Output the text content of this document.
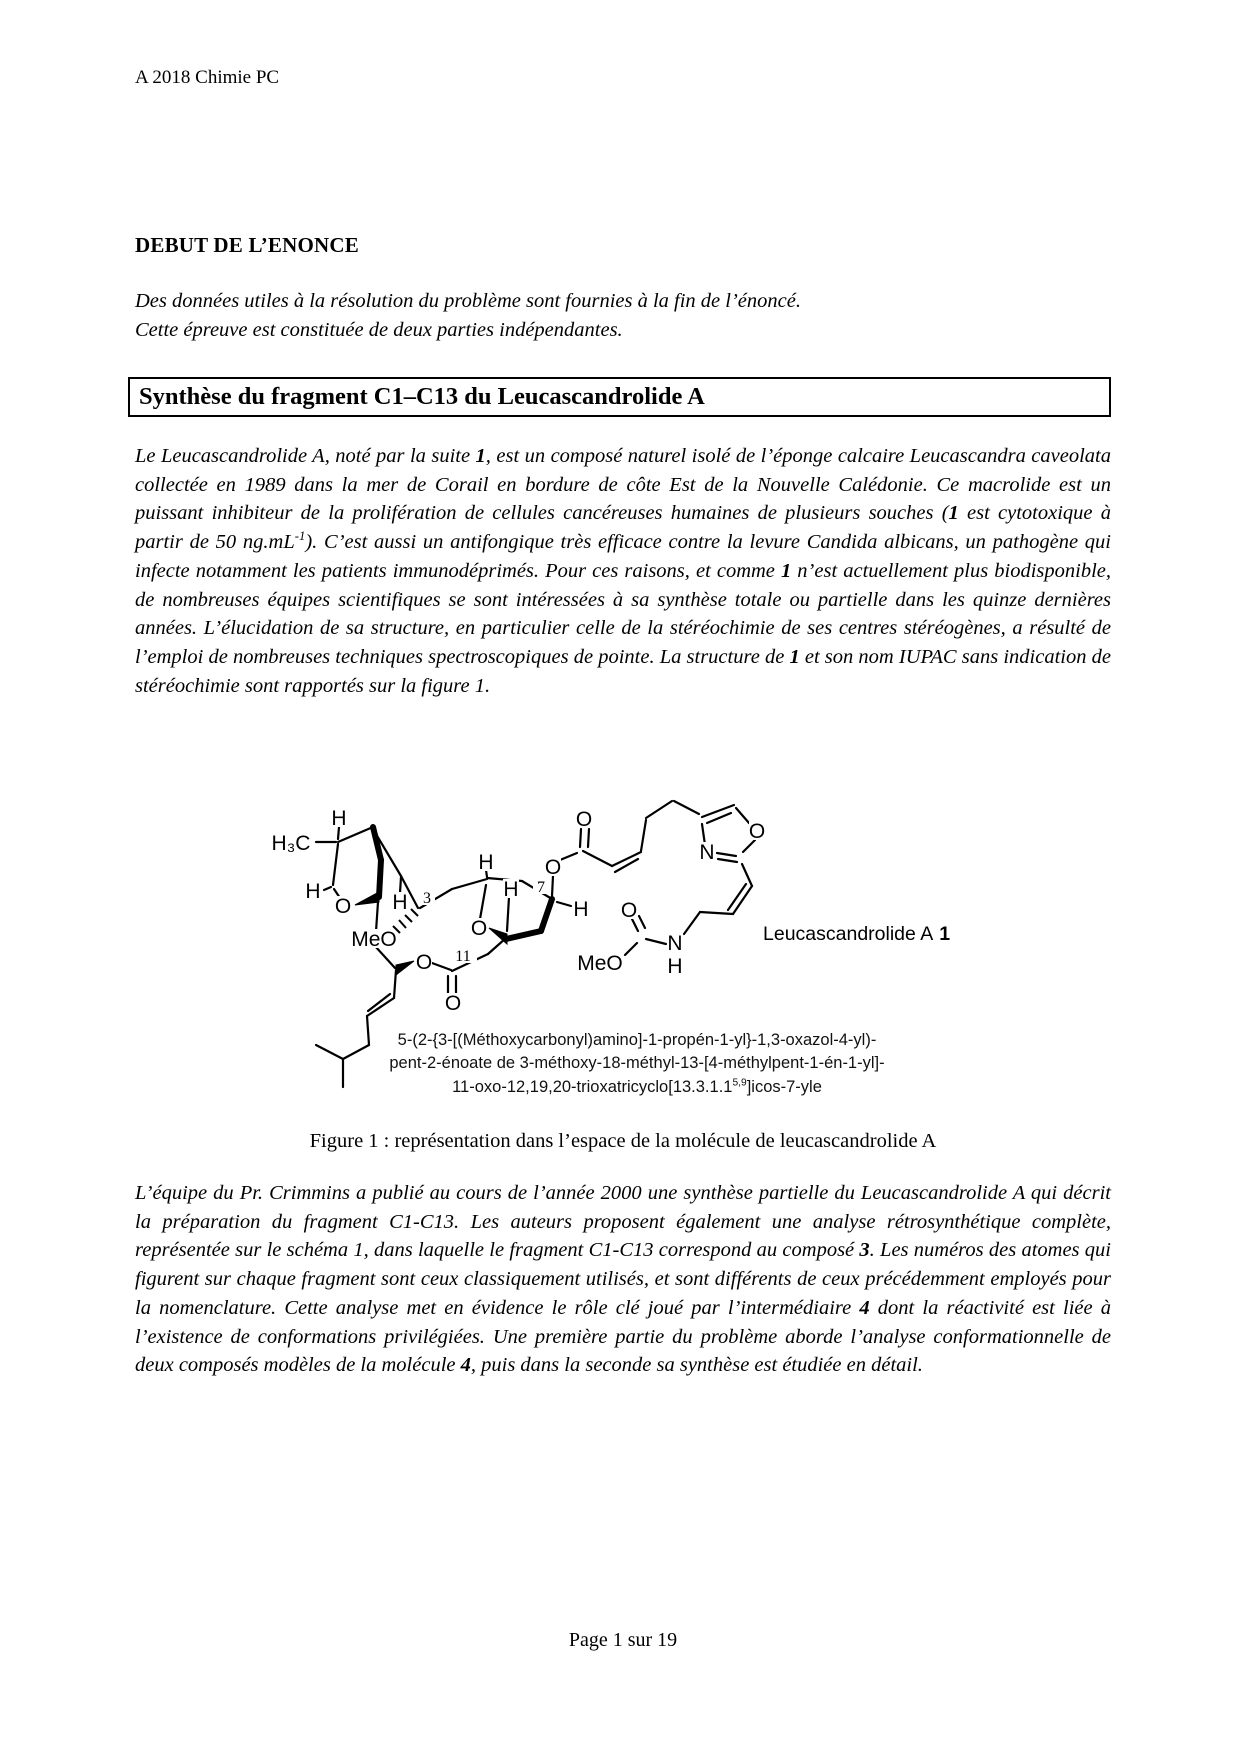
A 2018 Chimie PC
DEBUT DE L’ENONCE
Des données utiles à la résolution du problème sont fournies à la fin de l’énoncé.
Cette épreuve est constituée de deux parties indépendantes.
Synthèse du fragment C1–C13 du Leucascandrolide A
Le Leucascandrolide A, noté par la suite 1, est un composé naturel isolé de l’éponge calcaire Leucascandra caveolata collectée en 1989 dans la mer de Corail en bordure de côte Est de la Nouvelle Calédonie. Ce macrolide est un puissant inhibiteur de la prolifération de cellules cancéreuses humaines de plusieurs souches (1 est cytotoxique à partir de 50 $ng.mL^{-1}$). C’est aussi un antifongique très efficace contre la levure Candida albicans, un pathogène qui infecte notamment les patients immunodéprimés. Pour ces raisons, et comme 1 n’est actuellement plus biodisponible, de nombreuses équipes scientifiques se sont intéressées à sa synthèse totale ou partielle dans les quinze dernières années. L’élucidation de sa structure, en particulier celle de la stéréochimie de ses centres stéréogènes, a résulté de l’emploi de nombreuses techniques spectroscopiques de pointe. La structure de 1 et son nom IUPAC sans indication de stéréochimie sont rapportés sur la figure 1.
H
H₃C
H
O H 3
MeO
O 11
O
H
H
O
7
O
H
O
N
O
O
MeO
N
H
Leucascandrolide A 1
5-(2-{3-[(Méthoxycarbonyl)amino]-1-propén-1-yl}-1,3-oxazol-4-yl)-
pent-2-énoate de 3-méthoxy-18-méthyl-13-[4-méthylpent-1-én-1-yl]-
11-oxo-12,19,20-trioxatricyclo[13.3.1.1$^{5,9}$]icos-7-yle
Figure 1 : représentation dans l’espace de la molécule de leucascandrolide A
L’équipe du Pr. Crimmins a publié au cours de l’année 2000 une synthèse partielle du Leucascandrolide A qui décrit la préparation du fragment C1-C13. Les auteurs proposent également une analyse rétrosynthétique complète, représentée sur le schéma 1, dans laquelle le fragment C1-C13 correspond au composé 3. Les numéros des atomes qui figurent sur chaque fragment sont ceux classiquement utilisés, et sont différents de ceux précédemment employés pour la nomenclature. Cette analyse met en évidence le rôle clé joué par l’intermédiaire 4 dont la réactivité est liée à l’existence de conformations privilégiées. Une première partie du problème aborde l’analyse conformationnelle de deux composés modèles de la molécule 4, puis dans la seconde sa synthèse est étudiée en détail.
Page 1 sur 19
